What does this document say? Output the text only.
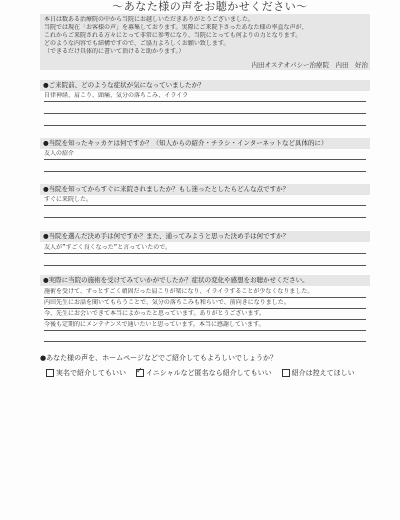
～あなた様の声をお聴かせください～

本日は数ある治療院の中から当院にお越しいただきありがとうございました。

当院では現在「お客様の声」を募集しております。実際にご来院下さったあなた様の率直な声が、

これからご来院される方々にとって非常に参考になり、当院にとっても何よりの力となります。

どのような内容でも結構ですので、ご協力よろしくお願い致します。

（できるだけ具体的に書いて頂けると助かります。）

内田オステオパシー治療院　内田　好治
●ご来院前、どのような症状が気になっていましたか？
自律神経、肩こり、頭痛、気分の落ちこみ、イライラ
●当院を知ったキッカケは何ですか？（知人からの紹介・チラシ・インターネットなど具体的に）
友人の紹介
●当院を知ってからすぐに来院されましたか？もし迷ったとしたらどんな点ですか？
すぐに来院した。
●当院を選んだ決め手は何ですか？また、通ってみようと思った決め手は何ですか？
友人が”すごく良くなった”と言っていたので。
●実際に当院の施術を受けてみていかがでしたか？症状の変化や感想をお聴かせください。
施術を受けて、ずっとすごく頑固だった肩こりが楽になり、イライラすることが少なくなりました。
内田先生にお話を聞いてもらうことで、気分の落ちこみも和らいで、前向きになりました。
今、先生にお会いできて本当によかったと思っています。ありがとうございます。
今後も定期的にメンテナンスで通いたいと思っています。本当に感謝しています。
●あなた様の声を、ホームページなどでご紹介してもよろしいでしょうか？
実名で紹介してもいい
✓	イニシャルなど匿名なら紹介してもいい	紹介は控えてほしい
